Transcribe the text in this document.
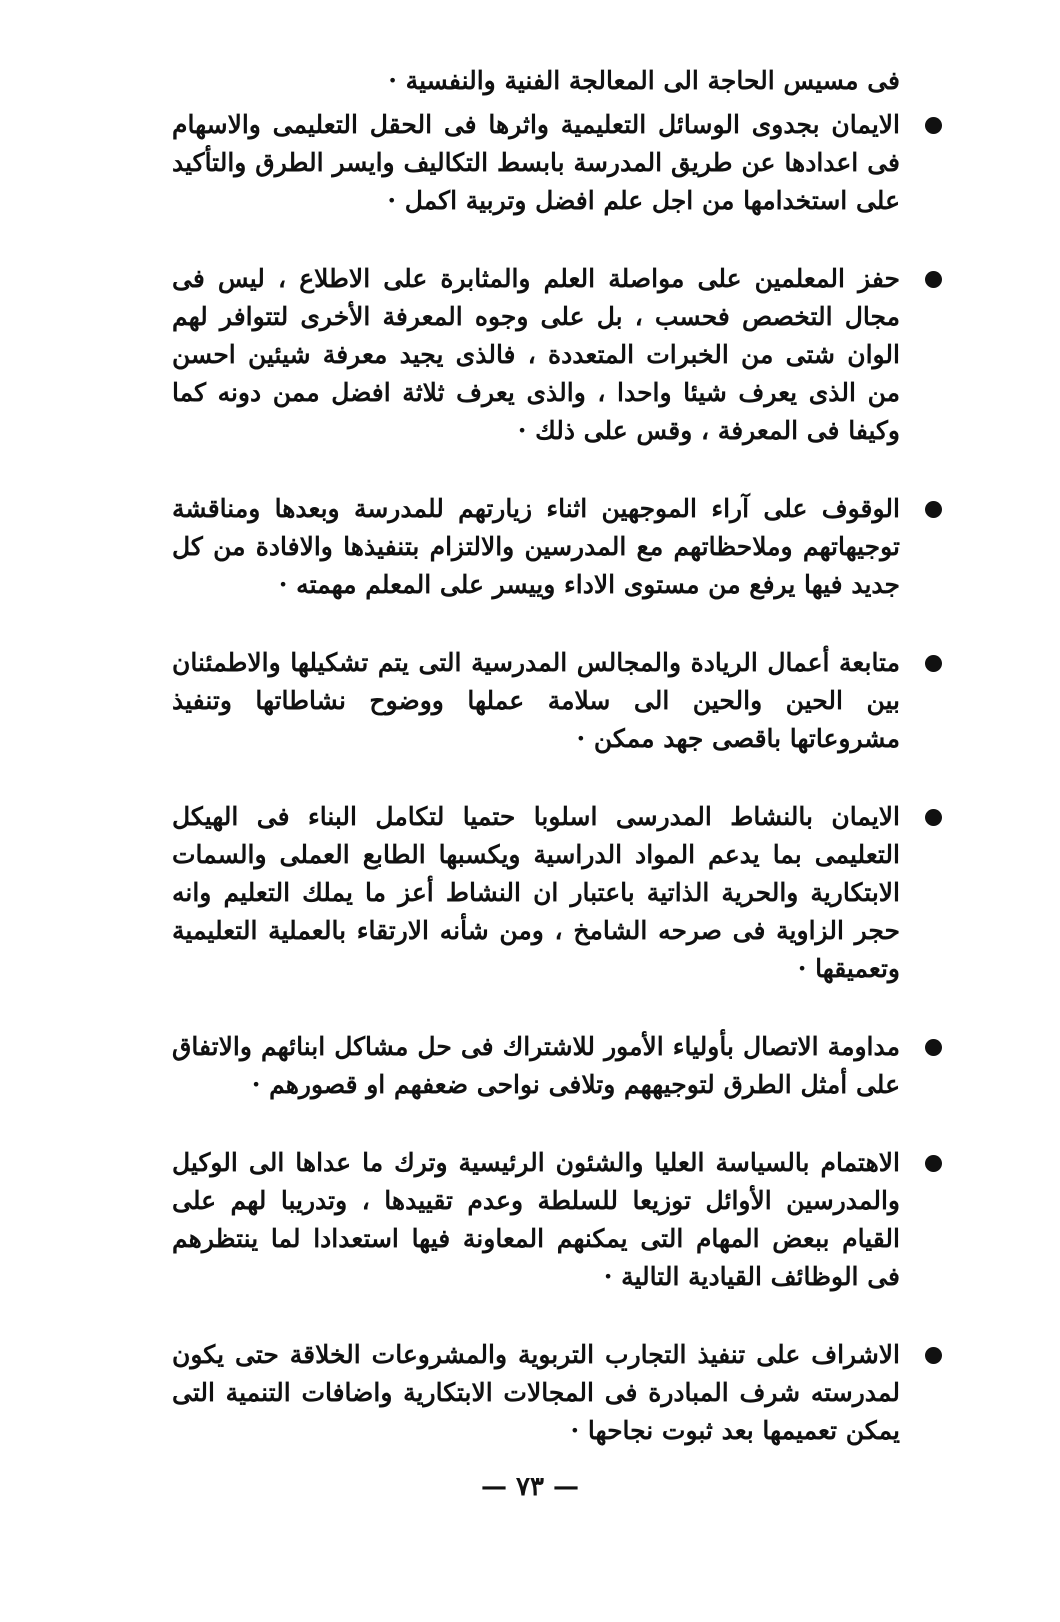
فى مسيس الحاجة الى المعالجة الفنية والنفسية ·

الايمان بجدوى الوسائل التعليمية واثرها فى الحقل التعليمى والاسهام فى اعدادها عن طريق المدرسة بابسط التكاليف وايسر الطرق والتأكيد على استخدامها من اجل علم افضل وتربية اكمل ·

حفز المعلمين على مواصلة العلم والمثابرة على الاطلاع ، ليس فى مجال التخصص فحسب ، بل على وجوه المعرفة الأخرى لتتوافر لهم الوان شتى من الخبرات المتعددة ، فالذى يجيد معرفة شيئين احسن من الذى يعرف شيئا واحدا ، والذى يعرف ثلاثة افضل ممن دونه كما وكيفا فى المعرفة ، وقس على ذلك ·

الوقوف على آراء الموجهين اثناء زيارتهم للمدرسة وبعدها ومناقشة توجيهاتهم وملاحظاتهم مع المدرسين والالتزام بتنفيذها والافادة من كل جديد فيها يرفع من مستوى الاداء وييسر على المعلم مهمته ·

متابعة أعمال الريادة والمجالس المدرسية التى يتم تشكيلها والاطمئنان بين الحين والحين الى سلامة عملها ووضوح نشاطاتها وتنفيذ مشروعاتها باقصى جهد ممكن ·

الايمان بالنشاط المدرسى اسلوبا حتميا لتكامل البناء فى الهيكل التعليمى بما يدعم المواد الدراسية ويكسبها الطابع العملى والسمات الابتكارية والحرية الذاتية باعتبار ان النشاط أعز ما يملك التعليم وانه حجر الزاوية فى صرحه الشامخ ، ومن شأنه الارتقاء بالعملية التعليمية وتعميقها ·

مداومة الاتصال بأولياء الأمور للاشتراك فى حل مشاكل ابنائهم والاتفاق على أمثل الطرق لتوجيههم وتلافى نواحى ضعفهم او قصورهم ·

الاهتمام بالسياسة العليا والشئون الرئيسية وترك ما عداها الى الوكيل والمدرسين الأوائل توزيعا للسلطة وعدم تقييدها ، وتدريبا لهم على القيام ببعض المهام التى يمكنهم المعاونة فيها استعدادا لما ينتظرهم فى الوظائف القيادية التالية ·

الاشراف على تنفيذ التجارب التربوية والمشروعات الخلاقة حتى يكون لمدرسته شرف المبادرة فى المجالات الابتكارية واضافات التنمية التى يمكن تعميمها بعد ثبوت نجاحها ·

— ٧٣ —
